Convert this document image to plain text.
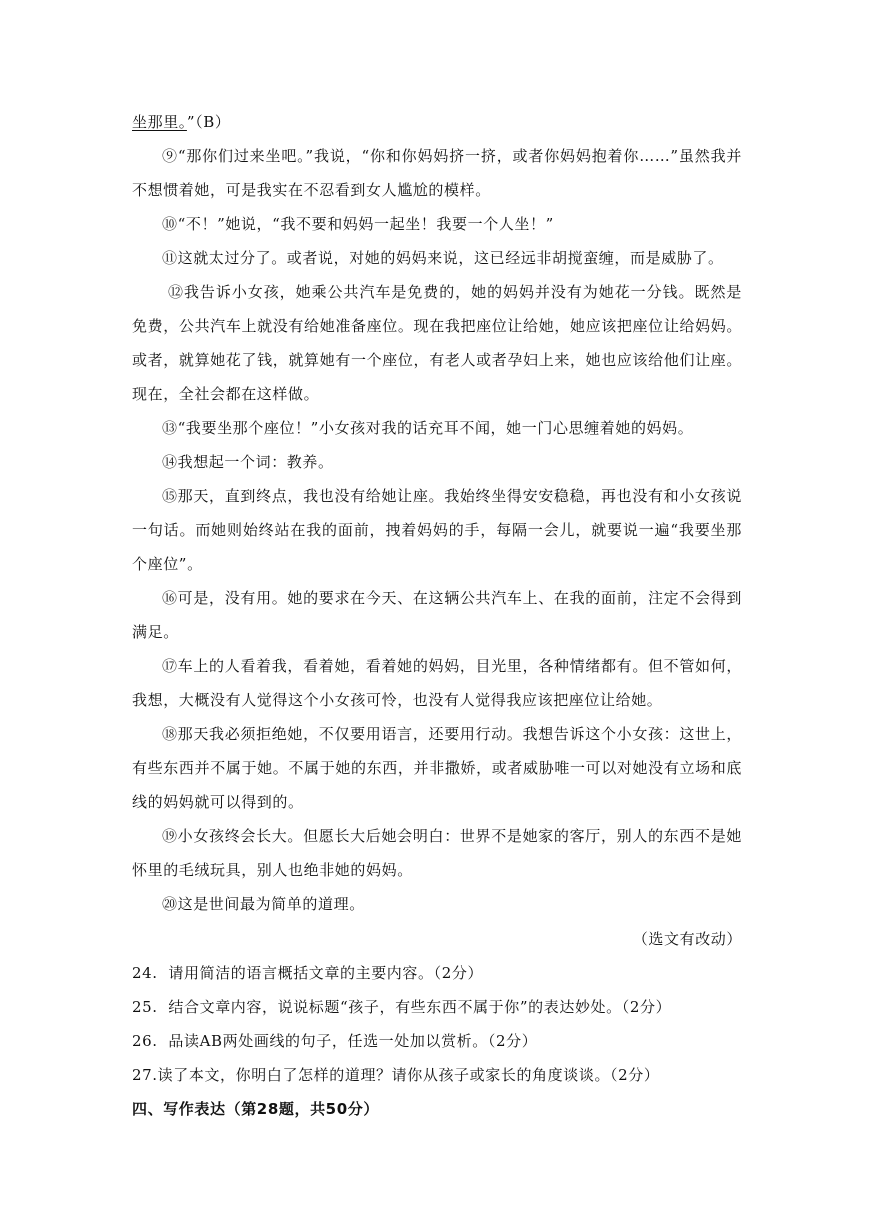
坐那里。”（B）

⑨“那你们过来坐吧。”我说，“你和你妈妈挤一挤，或者你妈妈抱着你……”虽然我并不想惯着她，可是我实在不忍看到女人尴尬的模样。

⑩“不！”她说，“我不要和妈妈一起坐！我要一个人坐！”

⑪这就太过分了。或者说，对她的妈妈来说，这已经远非胡搅蛮缠，而是威胁了。

⑫我告诉小女孩，她乘公共汽车是免费的，她的妈妈并没有为她花一分钱。既然是免费，公共汽车上就没有给她准备座位。现在我把座位让给她，她应该把座位让给妈妈。或者，就算她花了钱，就算她有一个座位，有老人或者孕妇上来，她也应该给他们让座。现在，全社会都在这样做。

⑬“我要坐那个座位！”小女孩对我的话充耳不闻，她一门心思缠着她的妈妈。

⑭我想起一个词：教养。

⑮那天，直到终点，我也没有给她让座。我始终坐得安安稳稳，再也没有和小女孩说一句话。而她则始终站在我的面前，拽着妈妈的手，每隔一会儿，就要说一遍“我要坐那个座位”。

⑯可是，没有用。她的要求在今天、在这辆公共汽车上、在我的面前，注定不会得到满足。

⑰车上的人看着我，看着她，看着她的妈妈，目光里，各种情绪都有。但不管如何，我想，大概没有人觉得这个小女孩可怜，也没有人觉得我应该把座位让给她。

⑱那天我必须拒绝她，不仅要用语言，还要用行动。我想告诉这个小女孩：这世上，有些东西并不属于她。不属于她的东西，并非撒娇，或者威胁唯一可以对她没有立场和底线的妈妈就可以得到的。

⑲小女孩终会长大。但愿长大后她会明白：世界不是她家的客厅，别人的东西不是她怀里的毛绒玩具，别人也绝非她的妈妈。

⑳这是世间最为简单的道理。

（选文有改动）

24. 请用简洁的语言概括文章的主要内容。（2分）

25. 结合文章内容，说说标题“孩子，有些东西不属于你”的表达妙处。（2分）

26. 品读AB两处画线的句子，任选一处加以赏析。（2分）

27.读了本文，你明白了怎样的道理？请你从孩子或家长的角度谈谈。（2分）

四、写作表达（第28题，共50分）
